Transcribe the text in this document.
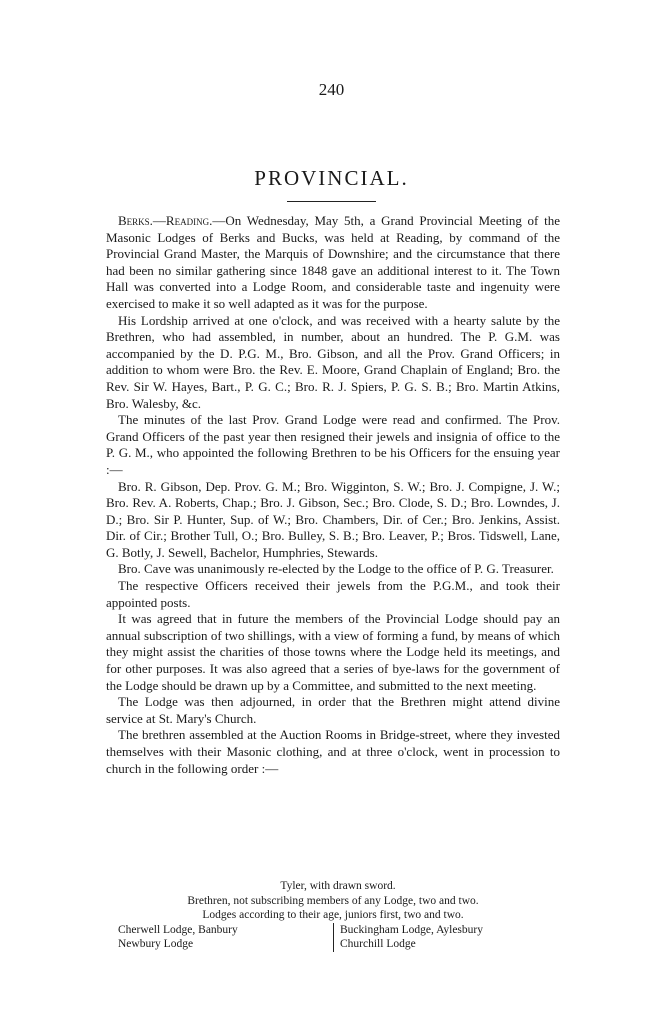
240
PROVINCIAL.

Berks.—Reading.—On Wednesday, May 5th, a Grand Provincial Meeting of the Masonic Lodges of Berks and Bucks, was held at Reading, by command of the Provincial Grand Master, the Marquis of Downshire; and the circumstance that there had been no similar gathering since 1848 gave an additional interest to it. The Town Hall was converted into a Lodge Room, and considerable taste and ingenuity were exercised to make it so well adapted as it was for the purpose.

His Lordship arrived at one o'clock, and was received with a hearty salute by the Brethren, who had assembled, in number, about an hundred. The P. G.M. was accompanied by the D. P.G. M., Bro. Gibson, and all the Prov. Grand Officers; in addition to whom were Bro. the Rev. E. Moore, Grand Chaplain of England; Bro. the Rev. Sir W. Hayes, Bart., P. G. C.; Bro. R. J. Spiers, P. G. S. B.; Bro. Martin Atkins, Bro. Walesby, &c.

The minutes of the last Prov. Grand Lodge were read and confirmed. The Prov. Grand Officers of the past year then resigned their jewels and insignia of office to the P. G. M., who appointed the following Brethren to be his Officers for the ensuing year :—

Bro. R. Gibson, Dep. Prov. G. M.; Bro. Wigginton, S. W.; Bro. J. Compigne, J. W.; Bro. Rev. A. Roberts, Chap.; Bro. J. Gibson, Sec.; Bro. Clode, S. D.; Bro. Lowndes, J. D.; Bro. Sir P. Hunter, Sup. of W.; Bro. Chambers, Dir. of Cer.; Bro. Jenkins, Assist. Dir. of Cir.; Brother Tull, O.; Bro. Bulley, S. B.; Bro. Leaver, P.; Bros. Tidswell, Lane, G. Botly, J. Sewell, Bachelor, Humphries, Stewards.

Bro. Cave was unanimously re-elected by the Lodge to the office of P. G. Treasurer.

The respective Officers received their jewels from the P.G.M., and took their appointed posts.

It was agreed that in future the members of the Provincial Lodge should pay an annual subscription of two shillings, with a view of forming a fund, by means of which they might assist the charities of those towns where the Lodge held its meetings, and for other purposes. It was also agreed that a series of bye-laws for the government of the Lodge should be drawn up by a Committee, and submitted to the next meeting.

The Lodge was then adjourned, in order that the Brethren might attend divine service at St. Mary's Church.

The brethren assembled at the Auction Rooms in Bridge-street, where they invested themselves with their Masonic clothing, and at three o'clock, went in procession to church in the following order :—

Tyler, with drawn sword.

Brethren, not subscribing members of any Lodge, two and two.

Lodges according to their age, juniors first, two and two.

Cherwell Lodge, Banbury
Newbury Lodge
Buckingham Lodge, Aylesbury
Churchill Lodge
